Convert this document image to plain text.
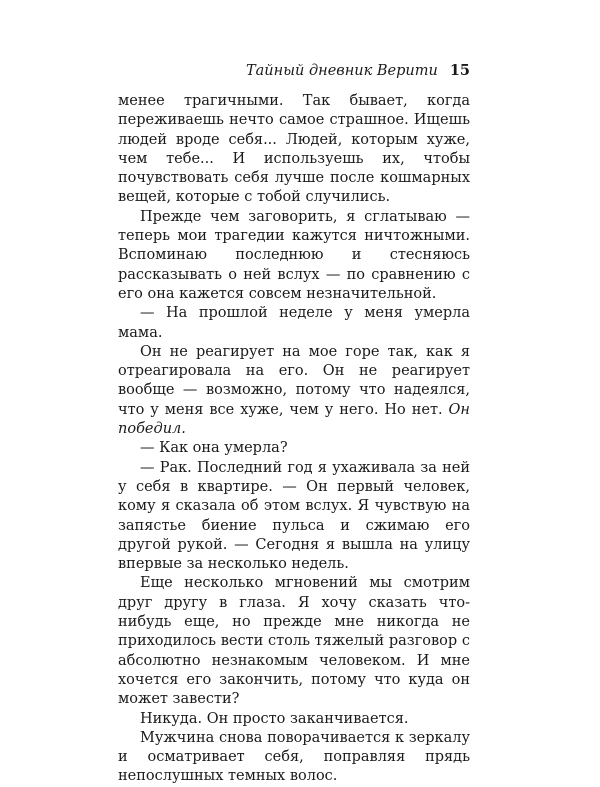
Тайный дневник Верити 15

менее трагичными. Так бывает, когда переживаешь нечто самое страшное. Ищешь людей вроде себя... Людей, которым хуже, чем тебе... И используешь их, чтобы почувствовать себя лучше после кошмарных вещей, которые с тобой случились.

Прежде чем заговорить, я сглатываю — теперь мои трагедии кажутся ничтожными. Вспоминаю последнюю и стесняюсь рассказывать о ней вслух — по сравнению с его она кажется совсем незначительной.

— На прошлой неделе у меня умерла мама.

Он не реагирует на мое горе так, как я отреагировала на его. Он не реагирует вообще — возможно, потому что надеялся, что у меня все хуже, чем у него. Но нет. Он победил.

— Как она умерла?

— Рак. Последний год я ухаживала за ней у себя в квартире. — Он первый человек, кому я сказала об этом вслух. Я чувствую на запястье биение пульса и сжимаю его другой рукой. — Сегодня я вышла на улицу впервые за несколько недель.

Еще несколько мгновений мы смотрим друг другу в глаза. Я хочу сказать что-нибудь еще, но прежде мне никогда не приходилось вести столь тяжелый разговор с абсолютно незнакомым человеком. И мне хочется его закончить, потому что куда он может завести?

Никуда. Он просто заканчивается.

Мужчина снова поворачивается к зеркалу и осматривает себя, поправляя прядь непослушных темных волос.
